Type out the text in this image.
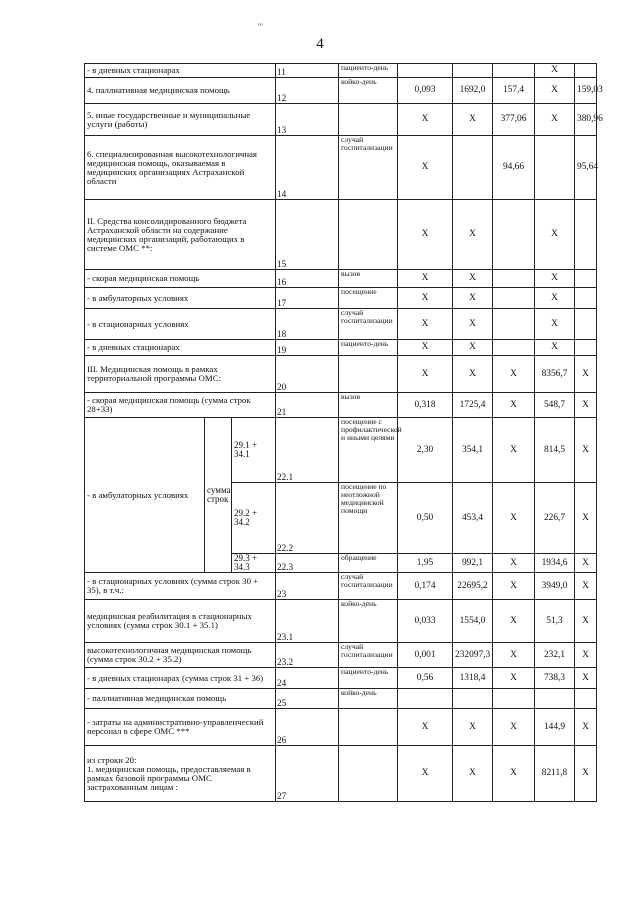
4
'''
- в дневных стационарах			11	пациенто-день				X			
4. паллиативная медицинская помощь			12	койко-день	0,093	1692,0	157,4	X	159,03		
5. иные государственные и муниципальные услуги (работы)			13		X	X	377,06	X	380,96		
6. специализированная высокотехнологичная медицинская помощь, оказываемая в медицинских организациях Астраханской области			14	случай госпитализации	X		94,66		95,64		
II. Средства консолидированного бюджета Астраханской области на содержание медицинских организаций, работающих в системе ОМС **:			15		X	X		X			
- скорая медицинская помощь			16	вызов	X	X		X			
- в амбулаторных условиях			17	посещение	X	X		X			
- в стационарных условиях			18	случай госпитализации	X	X		X			
- в дневных стационарах			19	пациенто-день	X	X		X			
III. Медицинская помощь в рамках территориальной программы ОМС:			20		X	X	X	8356,7	X		
- скорая медицинская помощь (сумма строк 28+33)			21	вызов	0,318	1725,4	X	548,7	X		
- в амбулаторных условиях	сумма строк	29.1 + 34.1	22.1	посещение с профилактической и иными целями	2,30	354,1	X	814,5	X		
		29.2 + 34.2	22.2	посещение по неотложной медицинской помощи	0,50	453,4	X	226,7	X		
		29.3 + 34.3	22.3	обращение	1,95	992,1	X	1934,6	X		
- в стационарных условиях (сумма строк 30 + 35), в т.ч.:			23	случай госпитализации	0,174	22695,2	X	3949,0	X		
медицинская реабилитация в стационарных условиях (сумма строк 30.1 + 35.1)			23.1	койко-день	0,033	1554,0	X	51,3	X		
высокотехнологичная медицинская помощь (сумма строк 30.2 + 35.2)			23.2	случай госпитализации	0,001	232097,3	X	232,1	X		
- в дневных стационарах (сумма строк 31 + 36)			24	пациенто-день	0,56	1318,4	X	738,3	X		
- паллиативная медицинская помощь			25	койко-день							
- затраты на административно-управленческий персонал в сфере ОМС ***			26		X	X	X	144,9	X		
из строки 20:
1. медицинская помощь, предоставляемая в рамках базовой программы ОМС застрахованным лицам :			27		X	X	X	8211,8	X		
